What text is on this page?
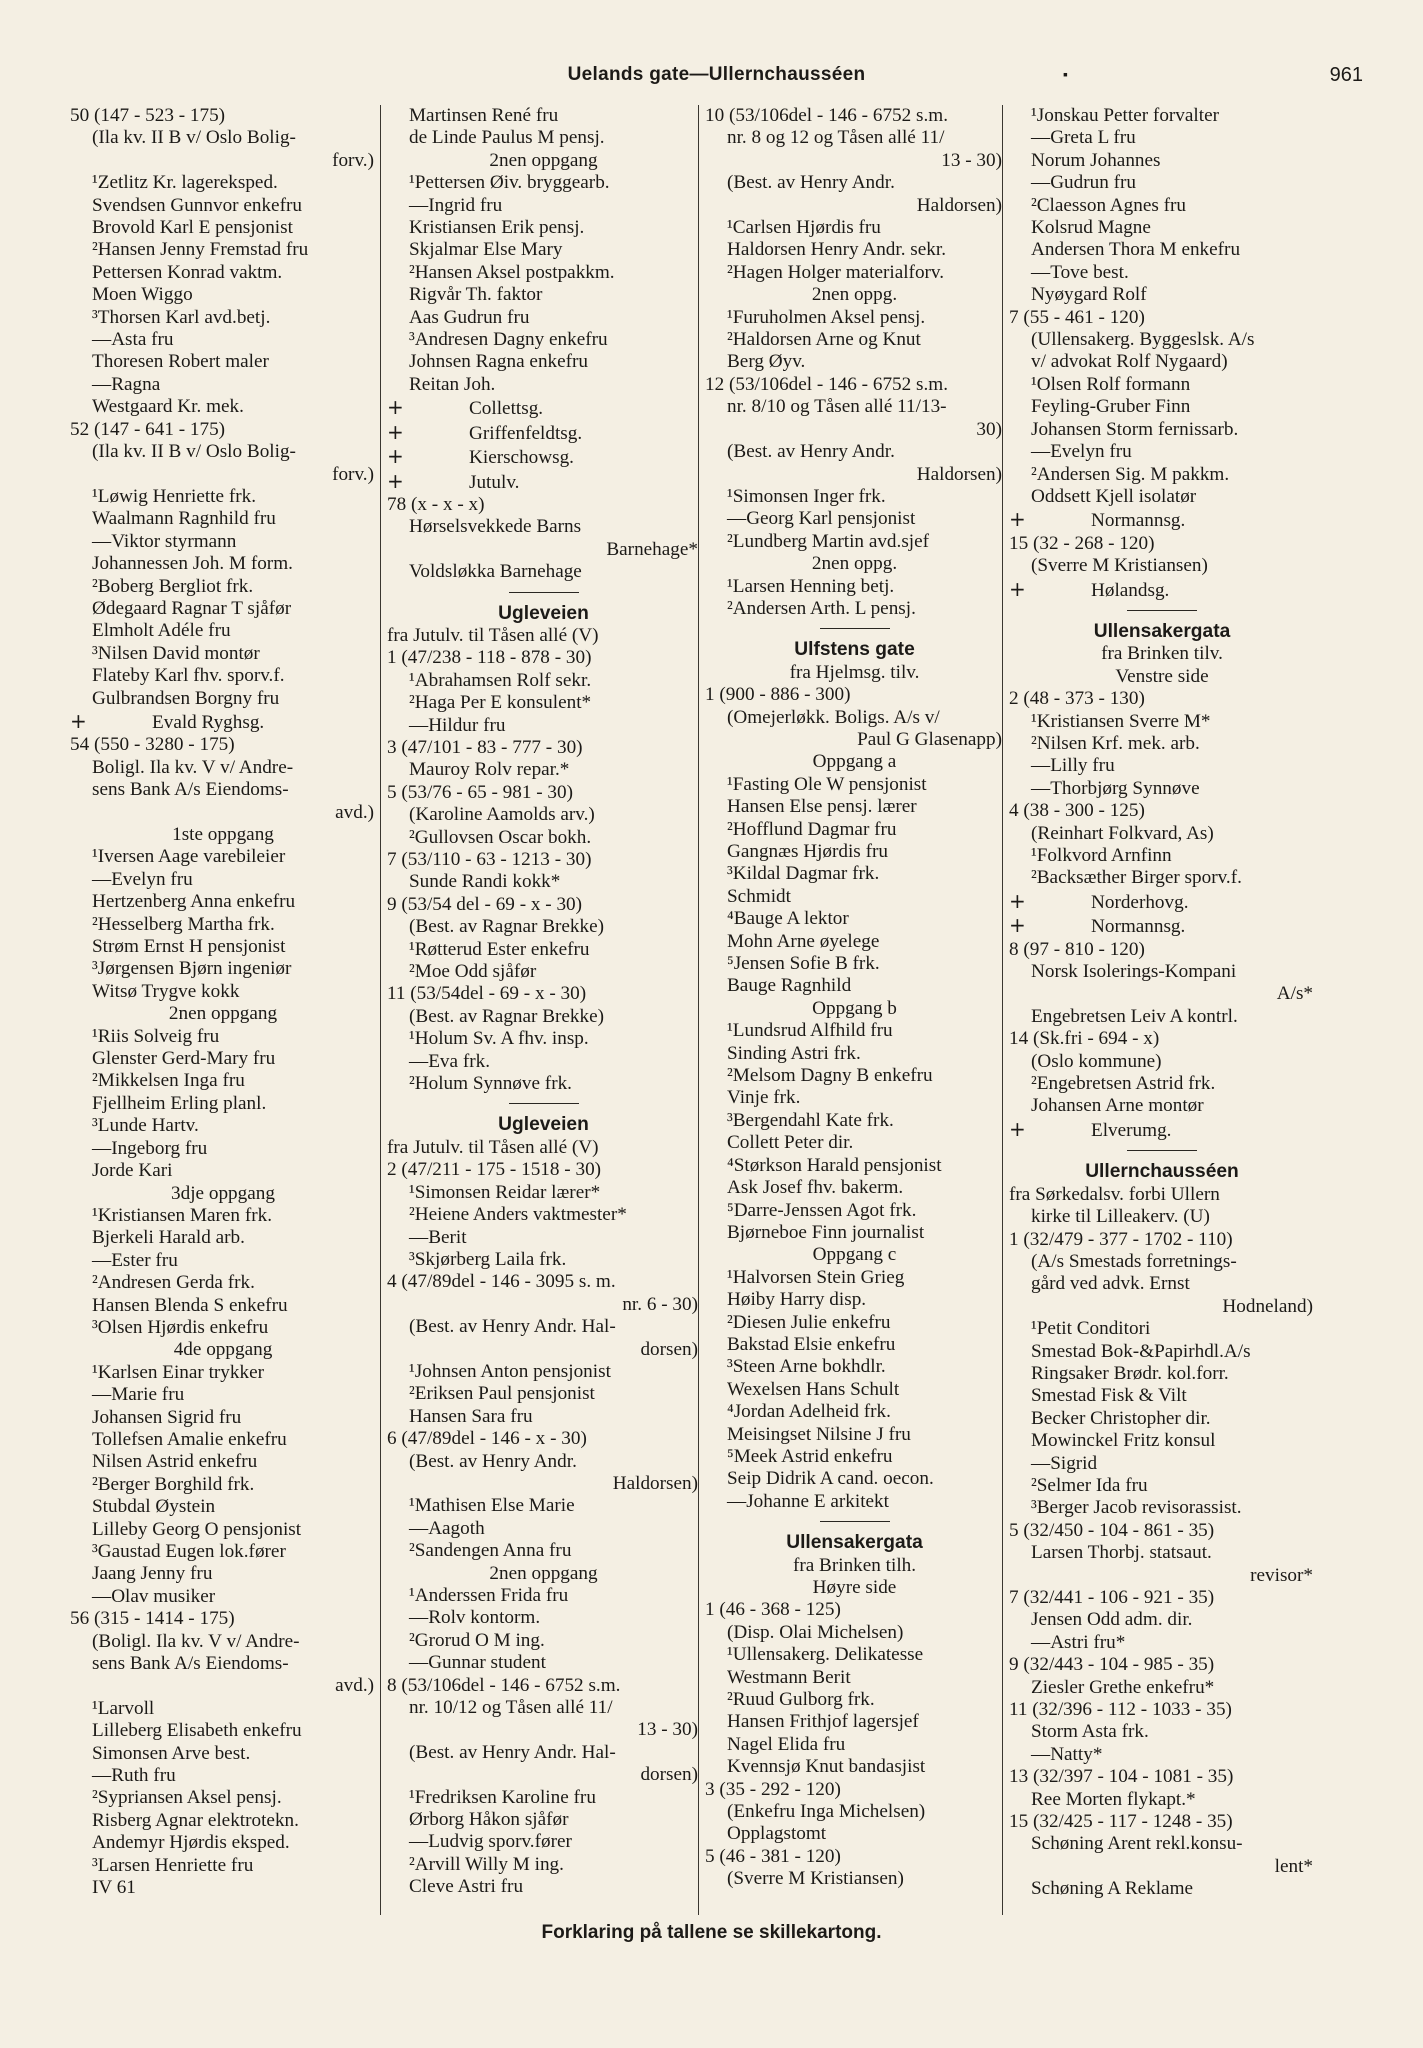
Uelands gate—Ullernchausséen	▪	961
50 (147 - 523 - 175)
(Ila kv. II B v/ Oslo Bolig-
forv.)
¹Zetlitz Kr. lagereksped.
Svendsen Gunnvor enkefru
Brovold Karl E pensjonist
²Hansen Jenny Fremstad fru
Pettersen Konrad vaktm.
Moen Wiggo
³Thorsen Karl avd.betj.
—Asta fru
Thoresen Robert maler
—Ragna
Westgaard Kr. mek.
52 (147 - 641 - 175)
(Ila kv. II B v/ Oslo Bolig-
forv.)
¹Løwig Henriette frk.
Waalmann Ragnhild fru
—Viktor styrmann
Johannessen Joh. M form.
²Boberg Bergliot frk.
Ødegaard Ragnar T sjåfør
Elmholt Adéle fru
³Nilsen David montør
Flateby Karl fhv. sporv.f.
Gulbrandsen Borgny fru
+	Evald Ryghsg.
54 (550 - 3280 - 175)
Boligl. Ila kv. V v/ Andre-
sens Bank A/s Eiendoms-
avd.)
1ste oppgang
¹Iversen Aage varebileier
—Evelyn fru
Hertzenberg Anna enkefru
²Hesselberg Martha frk.
Strøm Ernst H pensjonist
³Jørgensen Bjørn ingeniør
Witsø Trygve kokk
2nen oppgang
¹Riis Solveig fru
Glenster Gerd-Mary fru
²Mikkelsen Inga fru
Fjellheim Erling planl.
³Lunde Hartv.
—Ingeborg fru
Jorde Kari
3dje oppgang
¹Kristiansen Maren frk.
Bjerkeli Harald arb.
—Ester fru
²Andresen Gerda frk.
Hansen Blenda S enkefru
³Olsen Hjørdis enkefru
4de oppgang
¹Karlsen Einar trykker
—Marie fru
Johansen Sigrid fru
Tollefsen Amalie enkefru
Nilsen Astrid enkefru
²Berger Borghild frk.
Stubdal Øystein
Lilleby Georg O pensjonist
³Gaustad Eugen lok.fører
Jaang Jenny fru
—Olav musiker
56 (315 - 1414 - 175)
(Boligl. Ila kv. V v/ Andre-
sens Bank A/s Eiendoms-
avd.)
¹Larvoll
Lilleberg Elisabeth enkefru
Simonsen Arve best.
—Ruth fru
²Sypriansen Aksel pensj.
Risberg Agnar elektrotekn.
Andemyr Hjørdis eksped.
³Larsen Henriette fru
IV 61
Martinsen René fru
de Linde Paulus M pensj.
2nen oppgang
¹Pettersen Øiv. bryggearb.
—Ingrid fru
Kristiansen Erik pensj.
Skjalmar Else Mary
²Hansen Aksel postpakkm.
Rigvår Th. faktor
Aas Gudrun fru
³Andresen Dagny enkefru
Johnsen Ragna enkefru
Reitan Joh.
+	Collettsg.
+	Griffenfeldtsg.
+	Kierschowsg.
+	Jutulv.
78 (x - x - x)
Hørselsvekkede Barns
Barnehage*
Voldsløkka Barnehage
Ugleveien
fra Jutulv. til Tåsen allé (V)
1 (47/238 - 118 - 878 - 30)
¹Abrahamsen Rolf sekr.
²Haga Per E konsulent*
—Hildur fru
3 (47/101 - 83 - 777 - 30)
Mauroy Rolv repar.*
5 (53/76 - 65 - 981 - 30)
(Karoline Aamolds arv.)
²Gullovsen Oscar bokh.
7 (53/110 - 63 - 1213 - 30)
Sunde Randi kokk*
9 (53/54 del - 69 - x - 30)
(Best. av Ragnar Brekke)
¹Røtterud Ester enkefru
²Moe Odd sjåfør
11 (53/54del - 69 - x - 30)
(Best. av Ragnar Brekke)
¹Holum Sv. A fhv. insp.
—Eva frk.
²Holum Synnøve frk.
Ugleveien
fra Jutulv. til Tåsen allé (V)
2 (47/211 - 175 - 1518 - 30)
¹Simonsen Reidar lærer*
²Heiene Anders vaktmester*
—Berit
³Skjørberg Laila frk.
4 (47/89del - 146 - 3095 s. m.
nr. 6 - 30)
(Best. av Henry Andr. Hal-
dorsen)
¹Johnsen Anton pensjonist
²Eriksen Paul pensjonist
Hansen Sara fru
6 (47/89del - 146 - x - 30)
(Best. av Henry Andr.
Haldorsen)
¹Mathisen Else Marie
—Aagoth
²Sandengen Anna fru
2nen oppgang
¹Anderssen Frida fru
—Rolv kontorm.
²Grorud O M ing.
—Gunnar student
8 (53/106del - 146 - 6752 s.m.
nr. 10/12 og Tåsen allé 11/
13 - 30)
(Best. av Henry Andr. Hal-
dorsen)
¹Fredriksen Karoline fru
Ørborg Håkon sjåfør
—Ludvig sporv.fører
²Arvill Willy M ing.
Cleve Astri fru
10 (53/106del - 146 - 6752 s.m.
nr. 8 og 12 og Tåsen allé 11/
13 - 30)
(Best. av Henry Andr.
Haldorsen)
¹Carlsen Hjørdis fru
Haldorsen Henry Andr. sekr.
²Hagen Holger materialforv.
2nen oppg.
¹Furuholmen Aksel pensj.
²Haldorsen Arne og Knut
Berg Øyv.
12 (53/106del - 146 - 6752 s.m.
nr. 8/10 og Tåsen allé 11/13-
30)
(Best. av Henry Andr.
Haldorsen)
¹Simonsen Inger frk.
—Georg Karl pensjonist
²Lundberg Martin avd.sjef
2nen oppg.
¹Larsen Henning betj.
²Andersen Arth. L pensj.
Ulfstens gate
fra Hjelmsg. tilv.
1 (900 - 886 - 300)
(Omejerløkk. Boligs. A/s v/
Paul G Glasenapp)
Oppgang a
¹Fasting Ole W pensjonist
Hansen Else pensj. lærer
²Hofflund Dagmar fru
Gangnæs Hjørdis fru
³Kildal Dagmar frk.
Schmidt
⁴Bauge A lektor
Mohn Arne øyelege
⁵Jensen Sofie B frk.
Bauge Ragnhild
Oppgang b
¹Lundsrud Alfhild fru
Sinding Astri frk.
²Melsom Dagny B enkefru
Vinje frk.
³Bergendahl Kate frk.
Collett Peter dir.
⁴Størkson Harald pensjonist
Ask Josef fhv. bakerm.
⁵Darre-Jenssen Agot frk.
Bjørneboe Finn journalist
Oppgang c
¹Halvorsen Stein Grieg
Høiby Harry disp.
²Diesen Julie enkefru
Bakstad Elsie enkefru
³Steen Arne bokhdlr.
Wexelsen Hans Schult
⁴Jordan Adelheid frk.
Meisingset Nilsine J fru
⁵Meek Astrid enkefru
Seip Didrik A cand. oecon.
—Johanne E arkitekt
Ullensakergata
fra Brinken tilh.
Høyre side
1 (46 - 368 - 125)
(Disp. Olai Michelsen)
¹Ullensakerg. Delikatesse
Westmann Berit
²Ruud Gulborg frk.
Hansen Frithjof lagersjef
Nagel Elida fru
Kvennsjø Knut bandasjist
3 (35 - 292 - 120)
(Enkefru Inga Michelsen)
Opplagstomt
5 (46 - 381 - 120)
(Sverre M Kristiansen)
¹Jonskau Petter forvalter
—Greta L fru
Norum Johannes
—Gudrun fru
²Claesson Agnes fru
Kolsrud Magne
Andersen Thora M enkefru
—Tove best.
Nyøygard Rolf
7 (55 - 461 - 120)
(Ullensakerg. Byggeslsk. A/s
v/ advokat Rolf Nygaard)
¹Olsen Rolf formann
Feyling-Gruber Finn
Johansen Storm fernissarb.
—Evelyn fru
²Andersen Sig. M pakkm.
Oddsett Kjell isolatør
+	Normannsg.
15 (32 - 268 - 120)
(Sverre M Kristiansen)
+	Hølandsg.
Ullensakergata
fra Brinken tilv.
Venstre side
2 (48 - 373 - 130)
¹Kristiansen Sverre M*
²Nilsen Krf. mek. arb.
—Lilly fru
—Thorbjørg Synnøve
4 (38 - 300 - 125)
(Reinhart Folkvard, As)
¹Folkvord Arnfinn
²Backsæther Birger sporv.f.
+	Norderhovg.
+	Normannsg.
8 (97 - 810 - 120)
Norsk Isolerings-Kompani
A/s*
Engebretsen Leiv A kontrl.
14 (Sk.fri - 694 - x)
(Oslo kommune)
²Engebretsen Astrid frk.
Johansen Arne montør
+	Elverumg.
Ullernchausséen
fra Sørkedalsv. forbi Ullern
kirke til Lilleakerv. (U)
1 (32/479 - 377 - 1702 - 110)
(A/s Smestads forretnings-
gård ved advk. Ernst
Hodneland)
¹Petit Conditori
Smestad Bok-&Papirhdl.A/s
Ringsaker Brødr. kol.forr.
Smestad Fisk & Vilt
Becker Christopher dir.
Mowinckel Fritz konsul
—Sigrid
²Selmer Ida fru
³Berger Jacob revisorassist.
5 (32/450 - 104 - 861 - 35)
Larsen Thorbj. statsaut.
revisor*
7 (32/441 - 106 - 921 - 35)
Jensen Odd adm. dir.
—Astri fru*
9 (32/443 - 104 - 985 - 35)
Ziesler Grethe enkefru*
11 (32/396 - 112 - 1033 - 35)
Storm Asta frk.
—Natty*
13 (32/397 - 104 - 1081 - 35)
Ree Morten flykapt.*
15 (32/425 - 117 - 1248 - 35)
Schøning Arent rekl.konsu-
lent*
Schøning A Reklame
Forklaring på tallene se skillekartong.
